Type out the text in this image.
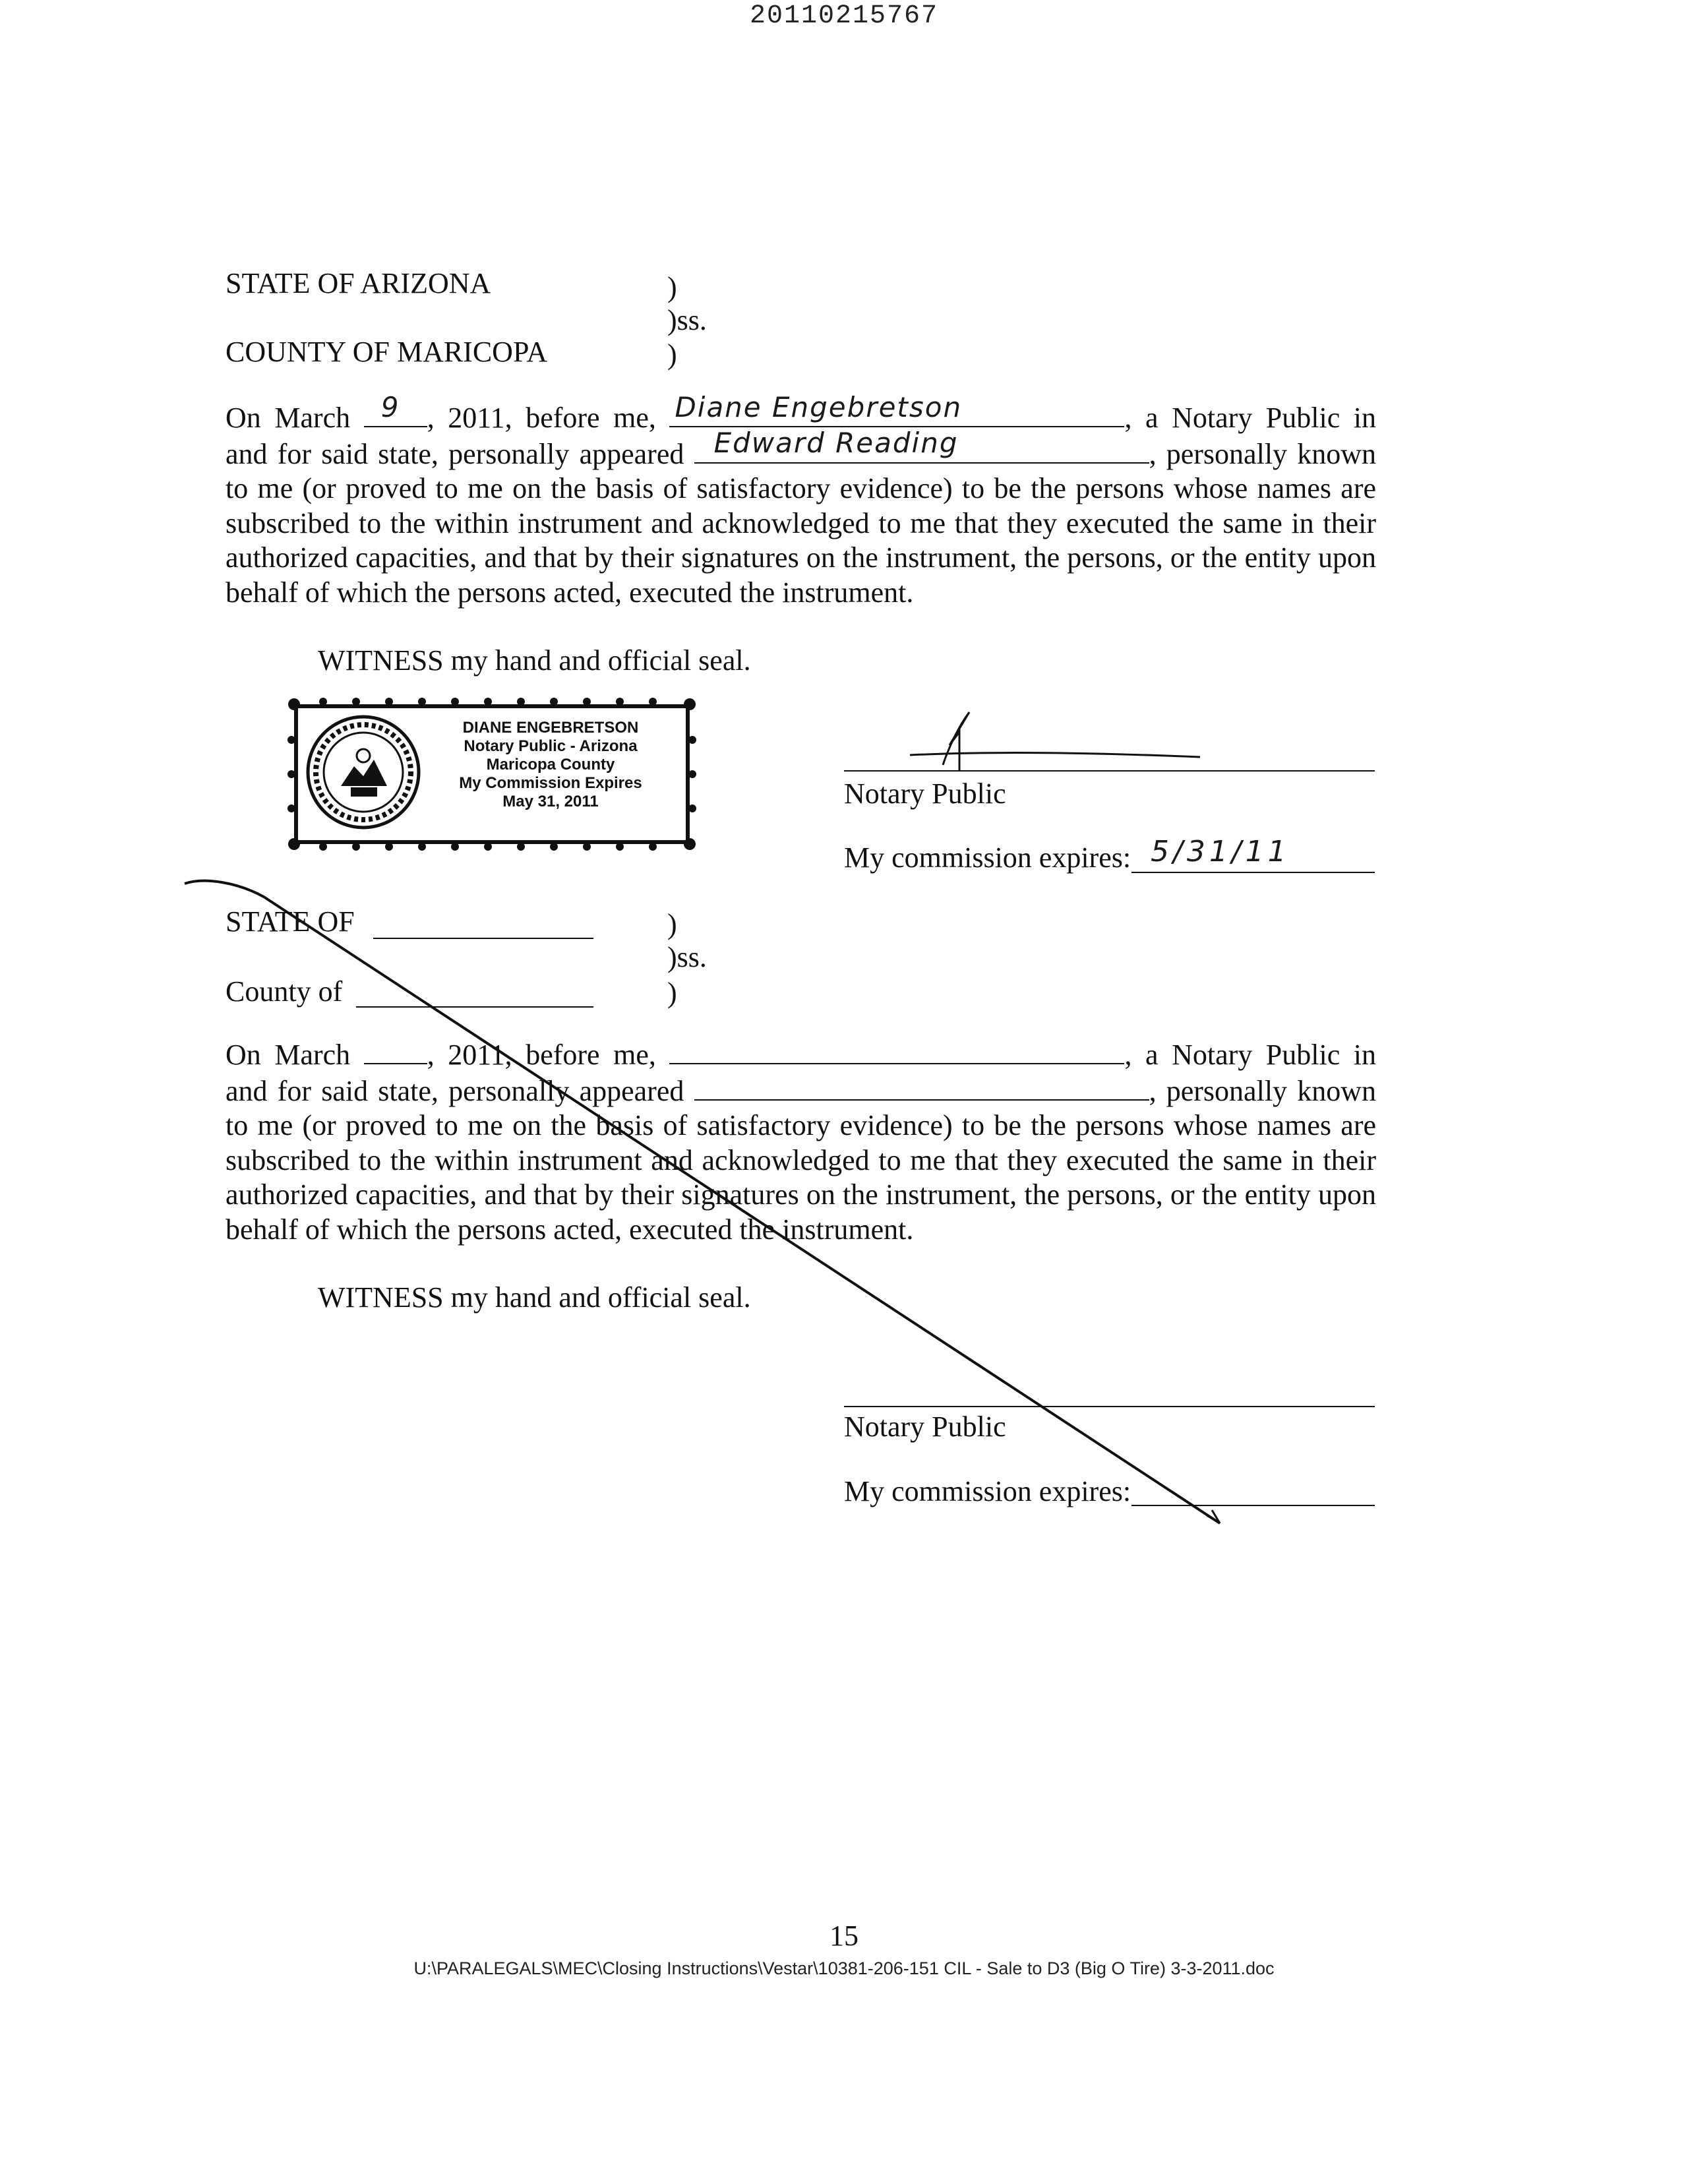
20110215767
STATE OF ARIZONA	)
)ss.
COUNTY OF MARICOPA	)

On March 9 , 2011, before me, Diane Engebretson	, a Notary Public in

and for said state, personally appeared Edward Reading	, personally known

to me (or proved to me on the basis of satisfactory evidence) to be the persons whose names are subscribed to the within instrument and acknowledged to me that they executed the same in their authorized capacities, and that by their signatures on the instrument, the persons, or the entity upon behalf of which the persons acted, executed the instrument.

WITNESS my hand and official seal.
DIANE ENGEBRETSON
Notary Public - Arizona
Maricopa County
My Commission Expires
May 31, 2011	Notary Public
My commission expires: 5/31/11
STATE OF	)
)ss.
County of	)

On March	, 2011, before me,	, a Notary Public in

and for said state, personally appeared	, personally known

to me (or proved to me on the basis of satisfactory evidence) to be the persons whose names are subscribed to the within instrument and acknowledged to me that they executed the same in their authorized capacities, and that by their signatures on the instrument, the persons, or the entity upon behalf of which the persons acted, executed the instrument.

WITNESS my hand and official seal.
Notary Public
My commission expires:
15
U:\PARALEGALS\MEC\Closing Instructions\Vestar\10381-206-151 CIL - Sale to D3 (Big O Tire) 3-3-2011.doc
